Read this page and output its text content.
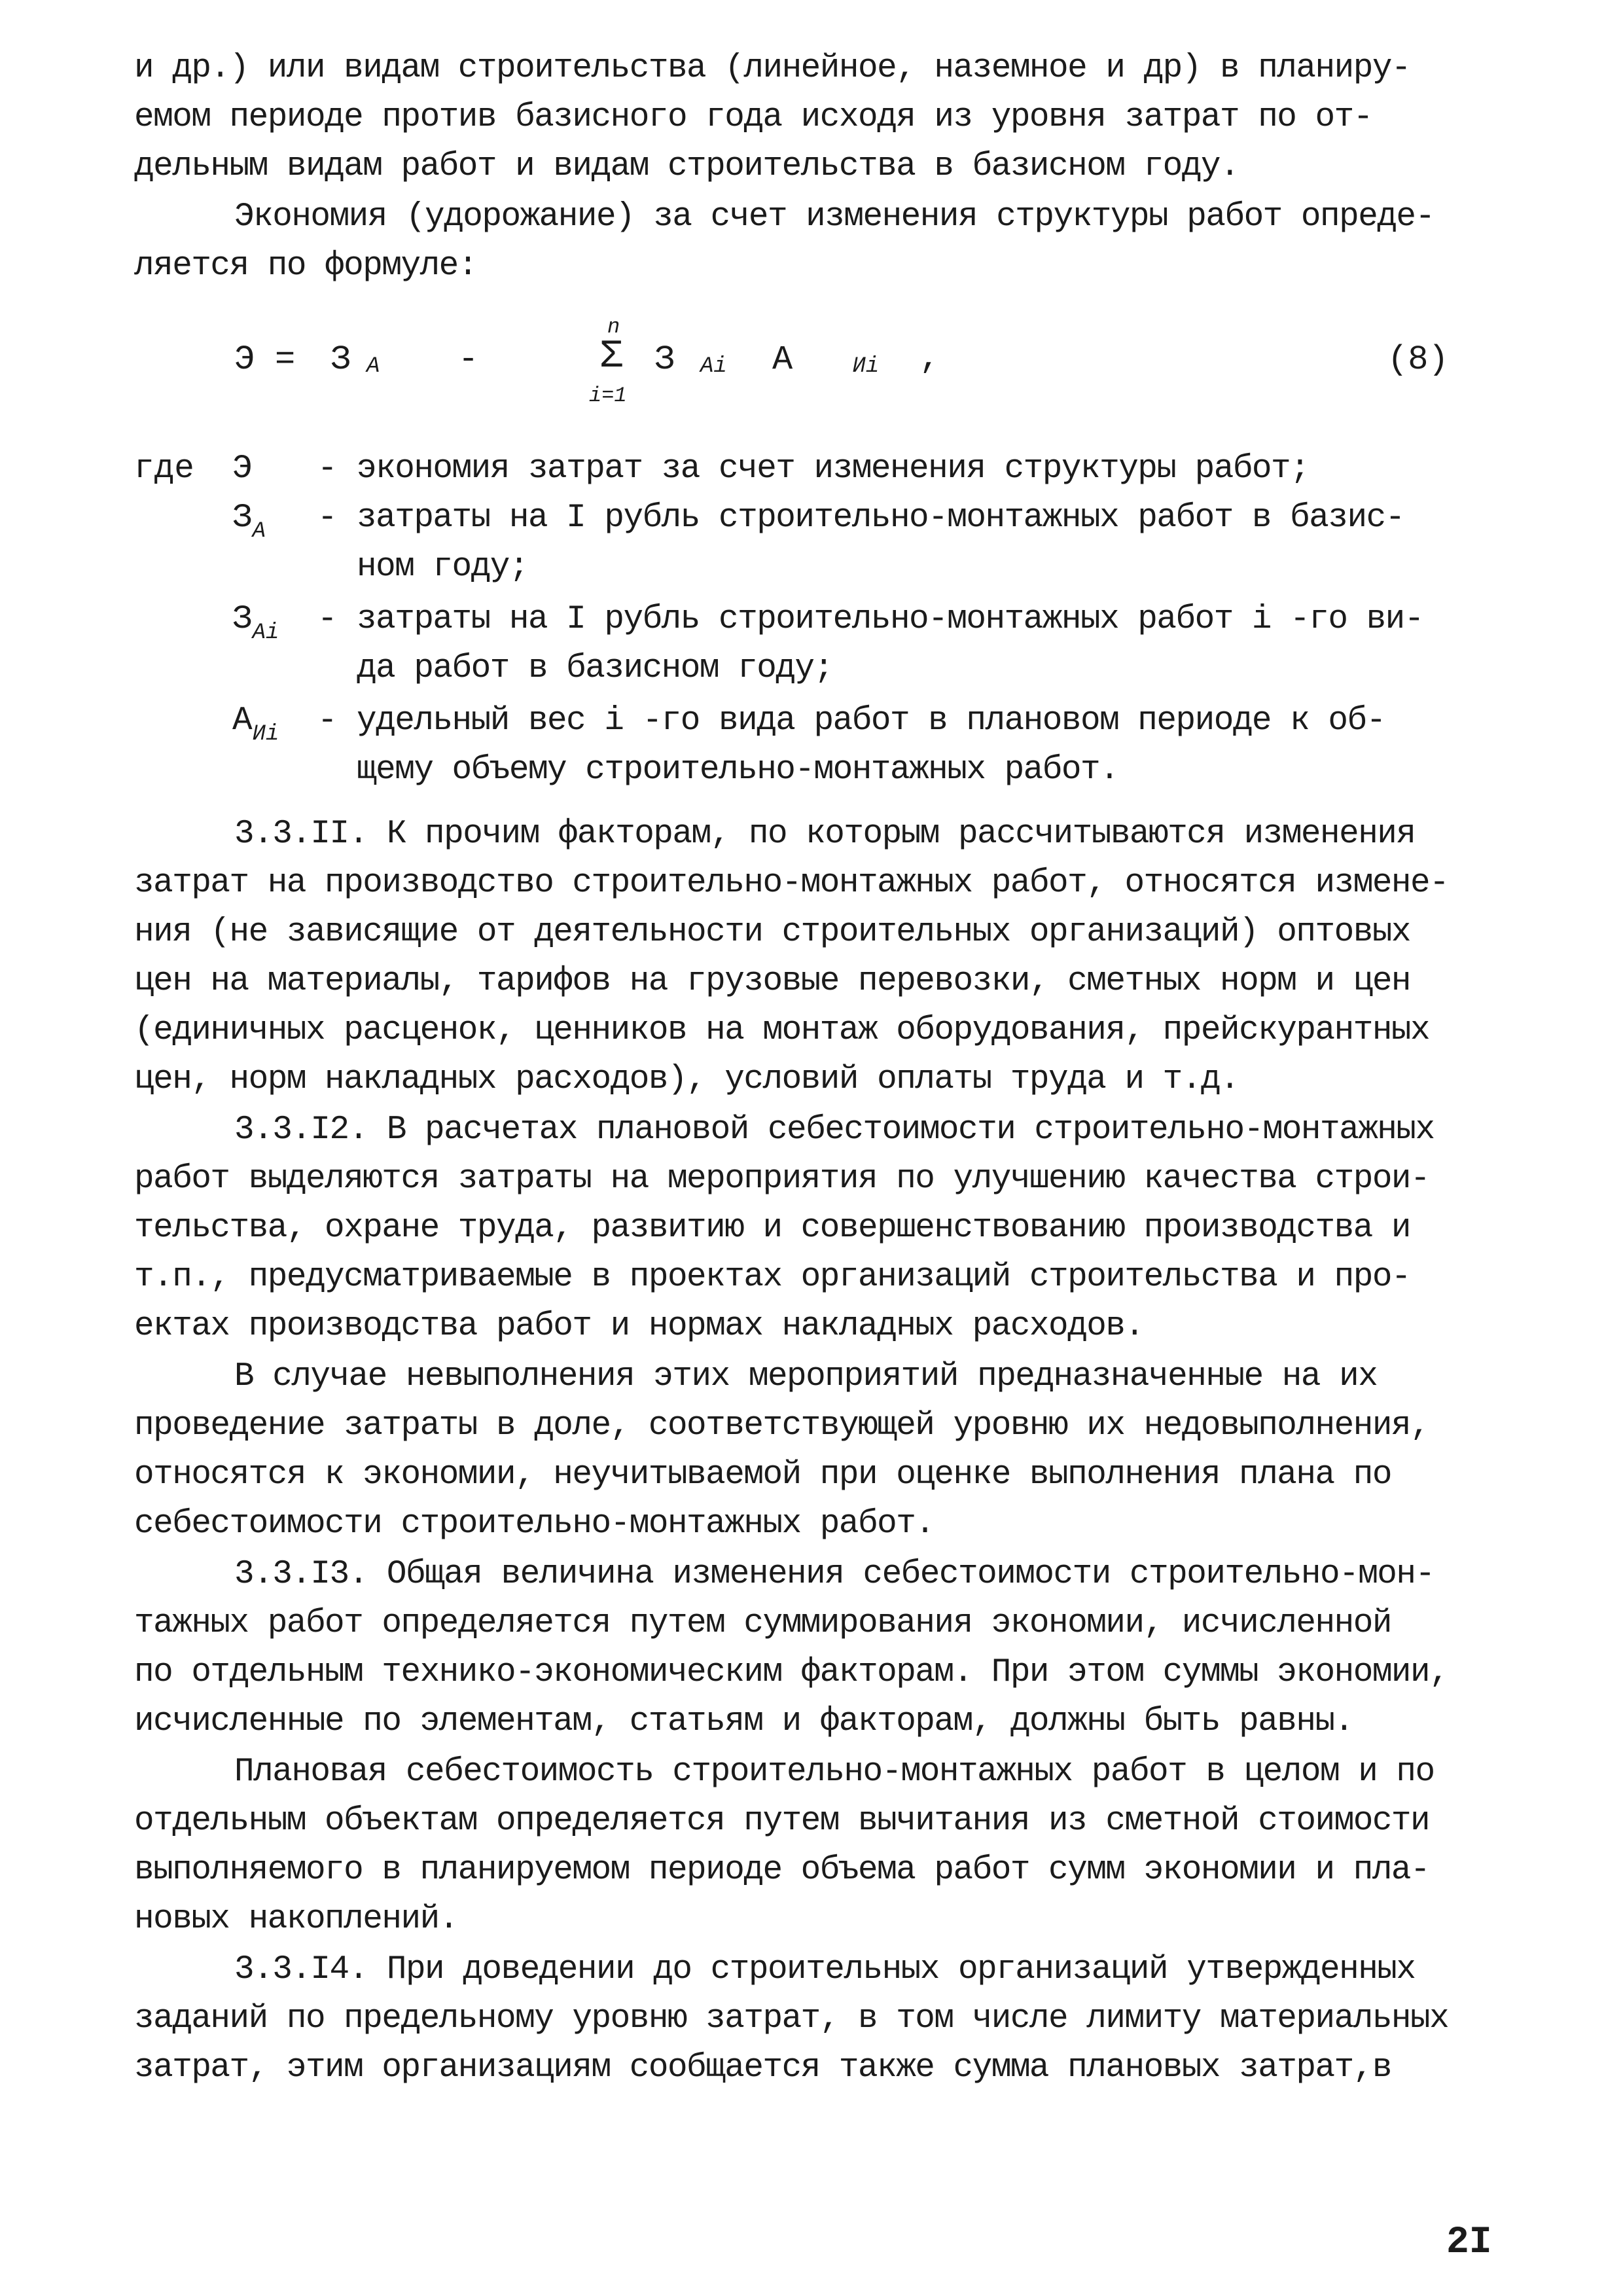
и др.) или видам строительства (линейное, наземное и др) в планиру-
емом периоде против базисного года исходя из уровня затрат по от-
дельным видам работ и видам строительства в базисном году.
Экономия (удорожание) за счет изменения структуры работ опреде-
ляется по формуле:
Э = З А -
n
Σ
i=1
З Аi А	Иi ,	(8)
где Э	- экономия затрат за счет изменения структуры работ;
$З_А$	- затраты на I рубль строительно-монтажных работ в базис-
ном году;
$З_{Аi}$	- затраты на I рубль строительно-монтажных работ i -го ви-
да работ в базисном году;
$А_{Иi}$	- удельный вес i -го вида работ в плановом периоде к об-
щему объему строительно-монтажных работ.
3.3.II. К прочим факторам, по которым рассчитываются изменения
затрат на производство строительно-монтажных работ, относятся измене-
ния (не зависящие от деятельности строительных организаций) оптовых
цен на материалы, тарифов на грузовые перевозки, сметных норм и цен
(единичных расценок, ценников на монтаж оборудования, прейскурантных
цен, норм накладных расходов), условий оплаты труда и т.д.
3.3.I2. В расчетах плановой себестоимости строительно-монтажных
работ выделяются затраты на мероприятия по улучшению качества строи-
тельства, охране труда, развитию и совершенствованию производства и
т.п., предусматриваемые в проектах организаций строительства и про-
ектах производства работ и нормах накладных расходов.
В случае невыполнения этих мероприятий предназначенные на их
проведение затраты в доле, соответствующей уровню их недовыполнения,
относятся к экономии, неучитываемой при оценке выполнения плана по
себестоимости строительно-монтажных работ.
3.3.I3. Общая величина изменения себестоимости строительно-мон-
тажных работ определяется путем суммирования экономии, исчисленной
по отдельным технико-экономическим факторам. При этом суммы экономии,
исчисленные по элементам, статьям и факторам, должны быть равны.
Плановая себестоимость строительно-монтажных работ в целом и по
отдельным объектам определяется путем вычитания из сметной стоимости
выполняемого в планируемом периоде объема работ сумм экономии и пла-
новых накоплений.
3.3.I4. При доведении до строительных организаций утвержденных
заданий по предельному уровню затрат, в том числе лимиту материальных
затрат, этим организациям сообщается также сумма плановых затрат,в
2I
